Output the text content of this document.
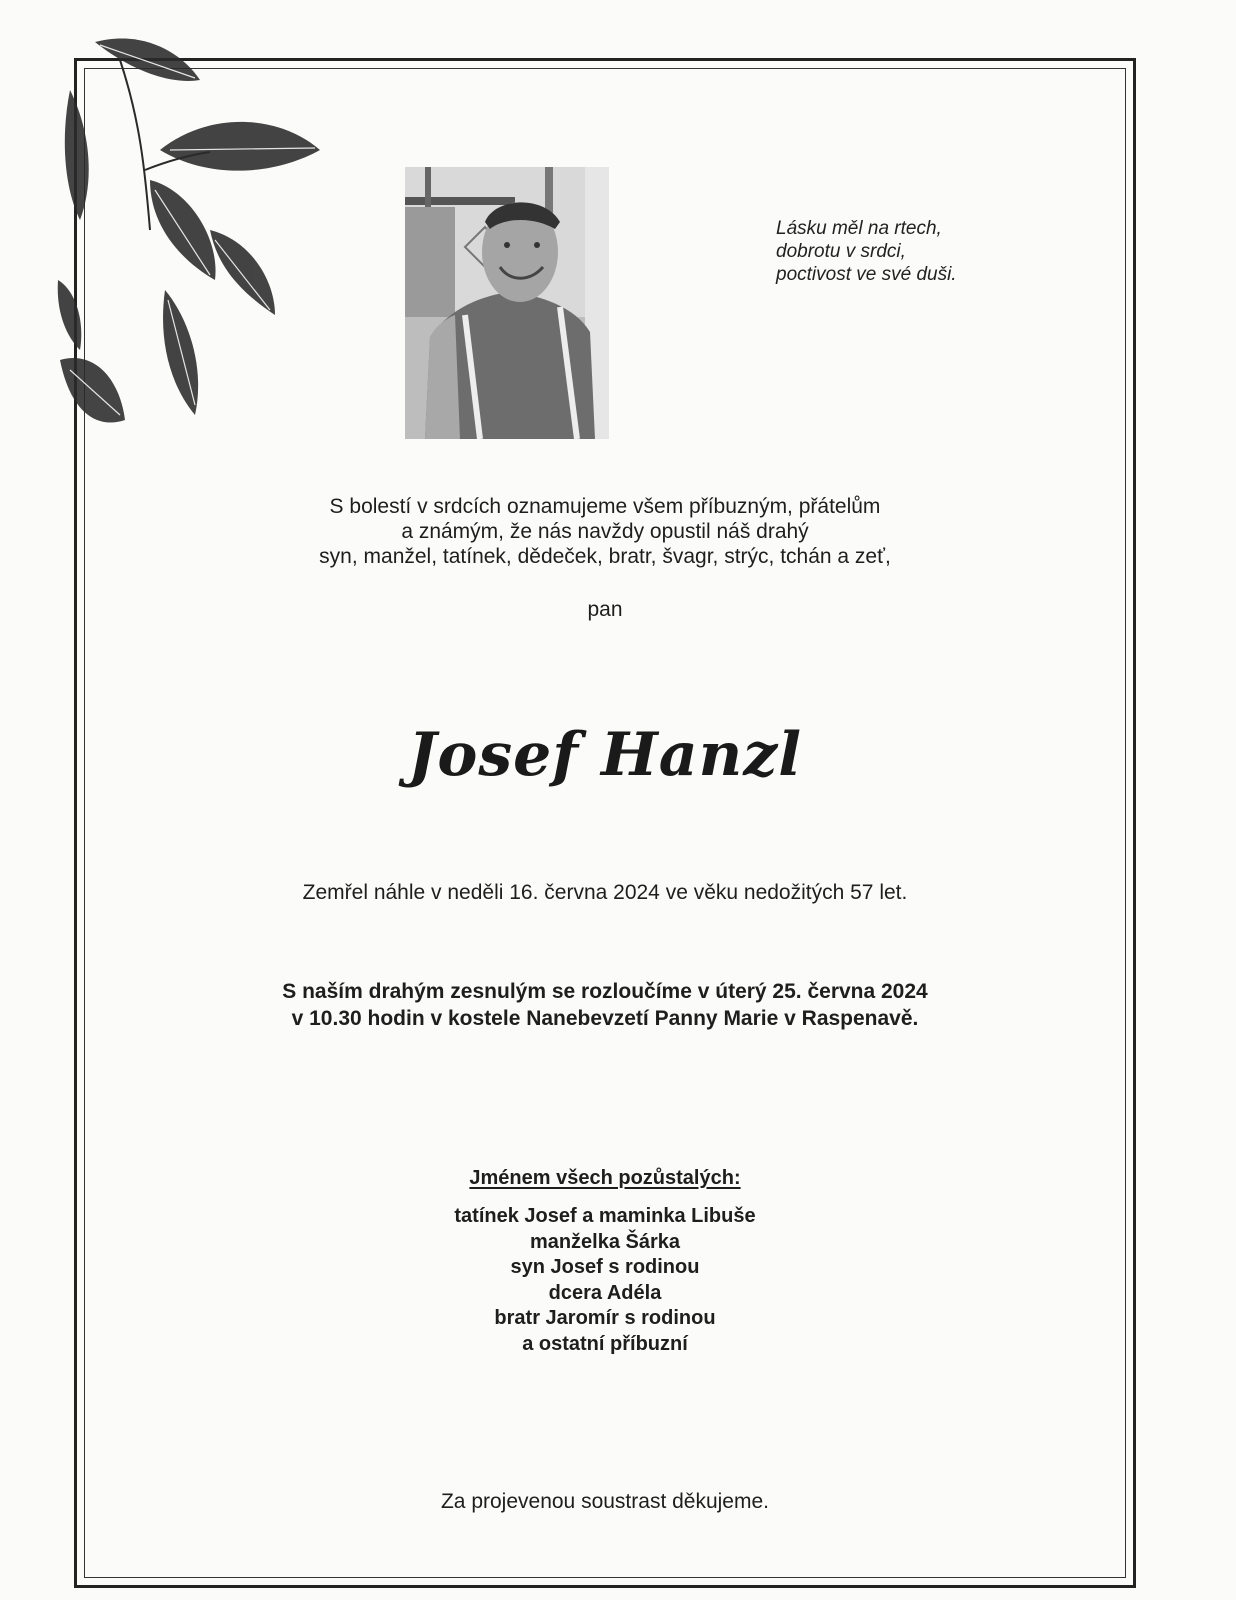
Lásku měl na rtech,
dobrotu v srdci,
poctivost ve své duši.
S bolestí v srdcích oznamujeme všem příbuzným, přátelům
a známým, že nás navždy opustil náš drahý
syn, manžel, tatínek, dědeček, bratr, švagr, strýc, tchán a zeť,
pan
Josef Hanzl
Zemřel náhle v neděli 16. června 2024 ve věku nedožitých 57 let.
S naším drahým zesnulým se rozloučíme v úterý 25. června 2024
v 10.30 hodin v kostele Nanebevzetí Panny Marie v Raspenavě.
Jménem všech pozůstalých:
tatínek Josef a maminka Libuše
manželka Šárka
syn Josef s rodinou
dcera Adéla
bratr Jaromír s rodinou
a ostatní příbuzní
Za projevenou soustrast děkujeme.
